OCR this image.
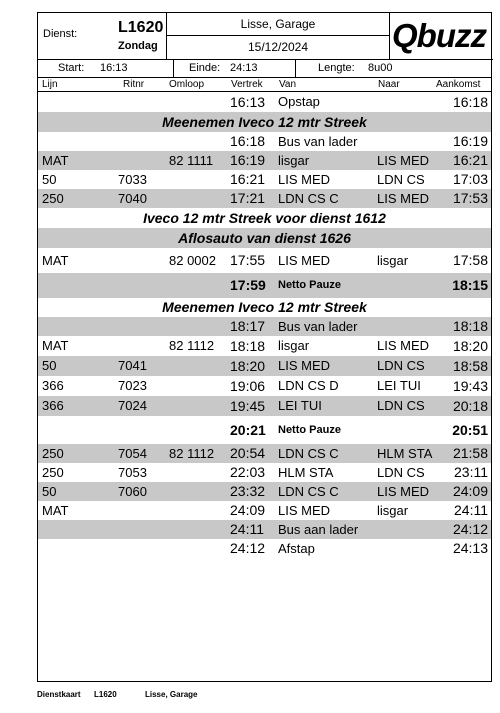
Dienst:	L1620
Zondag
Lisse, Garage
15/12/2024	Qbuzz
Start: 16:13	Einde: 24:13	Lengte: 8u00
Lijn	Ritnr Omloop	Vertrek Van	Naar	Aankomst
16:13 Opstap	16:18
Meenemen Iveco 12 mtr Streek
16:18 Bus van lader	16:19
MAT	82 1111 16:19 lisgar	LIS MED 16:21
50	7033	16:21 LIS MED	LDN CS 17:03
250	7040	17:21 LDN CS C	LIS MED 17:53
Iveco 12 mtr Streek voor dienst 1612
Aflosauto van dienst 1626
MAT	82 0002 17:55 LIS MED	lisgar	17:58
17:59 Netto Pauze	18:15
Meenemen Iveco 12 mtr Streek
18:17 Bus van lader	18:18
MAT	82 1112 18:18 lisgar	LIS MED 18:20
50	7041	18:20 LIS MED	LDN CS 18:58
366	7023	19:06 LDN CS D	LEI TUI 19:43
366	7024	19:45 LEI TUI	LDN CS 20:18
20:21 Netto Pauze	20:51
250	7054 82 1112 20:54 LDN CS C	HLM STA 21:58
250	7053	22:03 HLM STA	LDN CS 23:11
50	7060	23:32 LDN CS C	LIS MED 24:09
MAT	24:09 LIS MED	lisgar	24:11
24:11 Bus aan lader	24:12
24:12 Afstap	24:13
Dienstkaart L1620	Lisse, Garage
